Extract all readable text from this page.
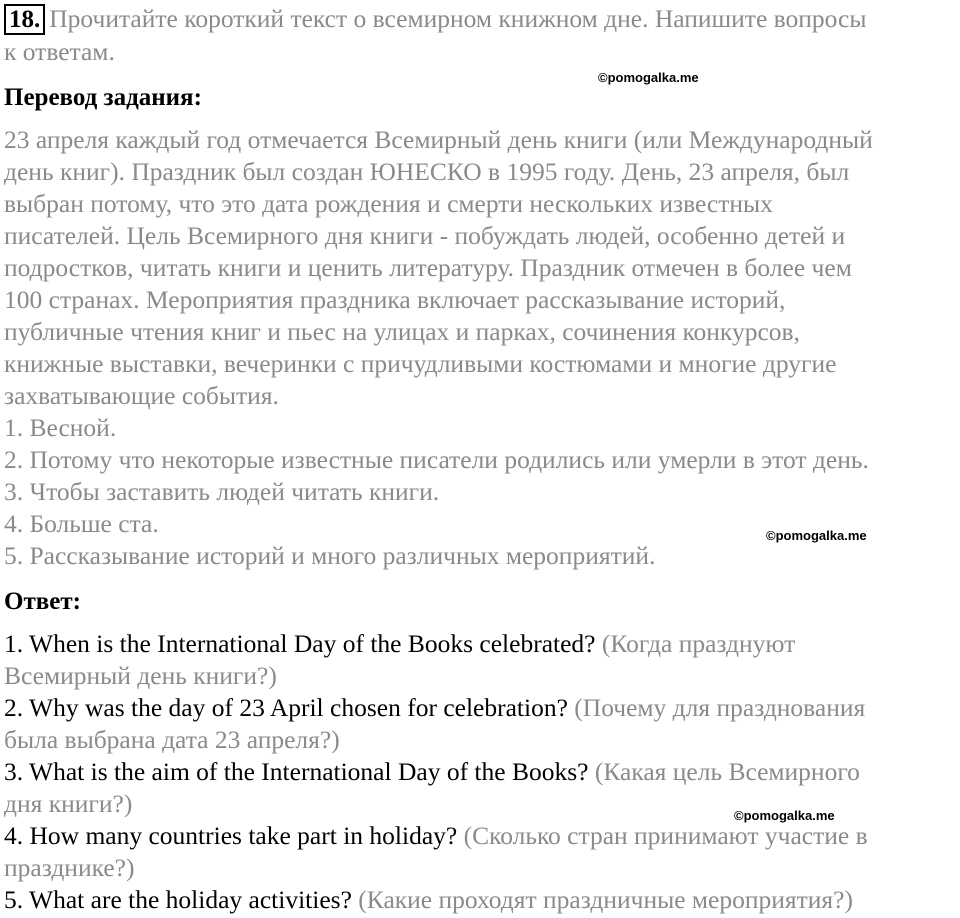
18. Прочитайте короткий текст о всемирном книжном дне. Напишите вопросы
к ответам.
©pomogalka.me
Перевод задания:
23 апреля каждый год отмечается Всемирный день книги (или Международный
день книг). Праздник был создан ЮНЕСКО в 1995 году. День, 23 апреля, был
выбран потому, что это дата рождения и смерти нескольких известных
писателей. Цель Всемирного дня книги - побуждать людей, особенно детей и
подростков, читать книги и ценить литературу. Праздник отмечен в более чем
100 странах. Мероприятия праздника включает рассказывание историй,
публичные чтения книг и пьес на улицах и парках, сочинения конкурсов,
книжные выставки, вечеринки с причудливыми костюмами и многие другие
захватывающие события.
1. Весной.
2. Потому что некоторые известные писатели родились или умерли в этот день.
3. Чтобы заставить людей читать книги.
4. Больше ста.
5. Рассказывание историй и много различных мероприятий.
©pomogalka.me
Ответ:
1. When is the International Day of the Books celebrated? (Когда празднуют
Всемирный день книги?)
2. Why was the day of 23 April chosen for celebration? (Почему для празднования
была выбрана дата 23 апреля?)
3. What is the aim of the International Day of the Books? (Какая цель Всемирного
дня книги?)
4. How many countries take part in holiday? (Сколько стран принимают участие в
празднике?)
5. What are the holiday activities? (Какие проходят праздничные мероприятия?)
©pomogalka.me
